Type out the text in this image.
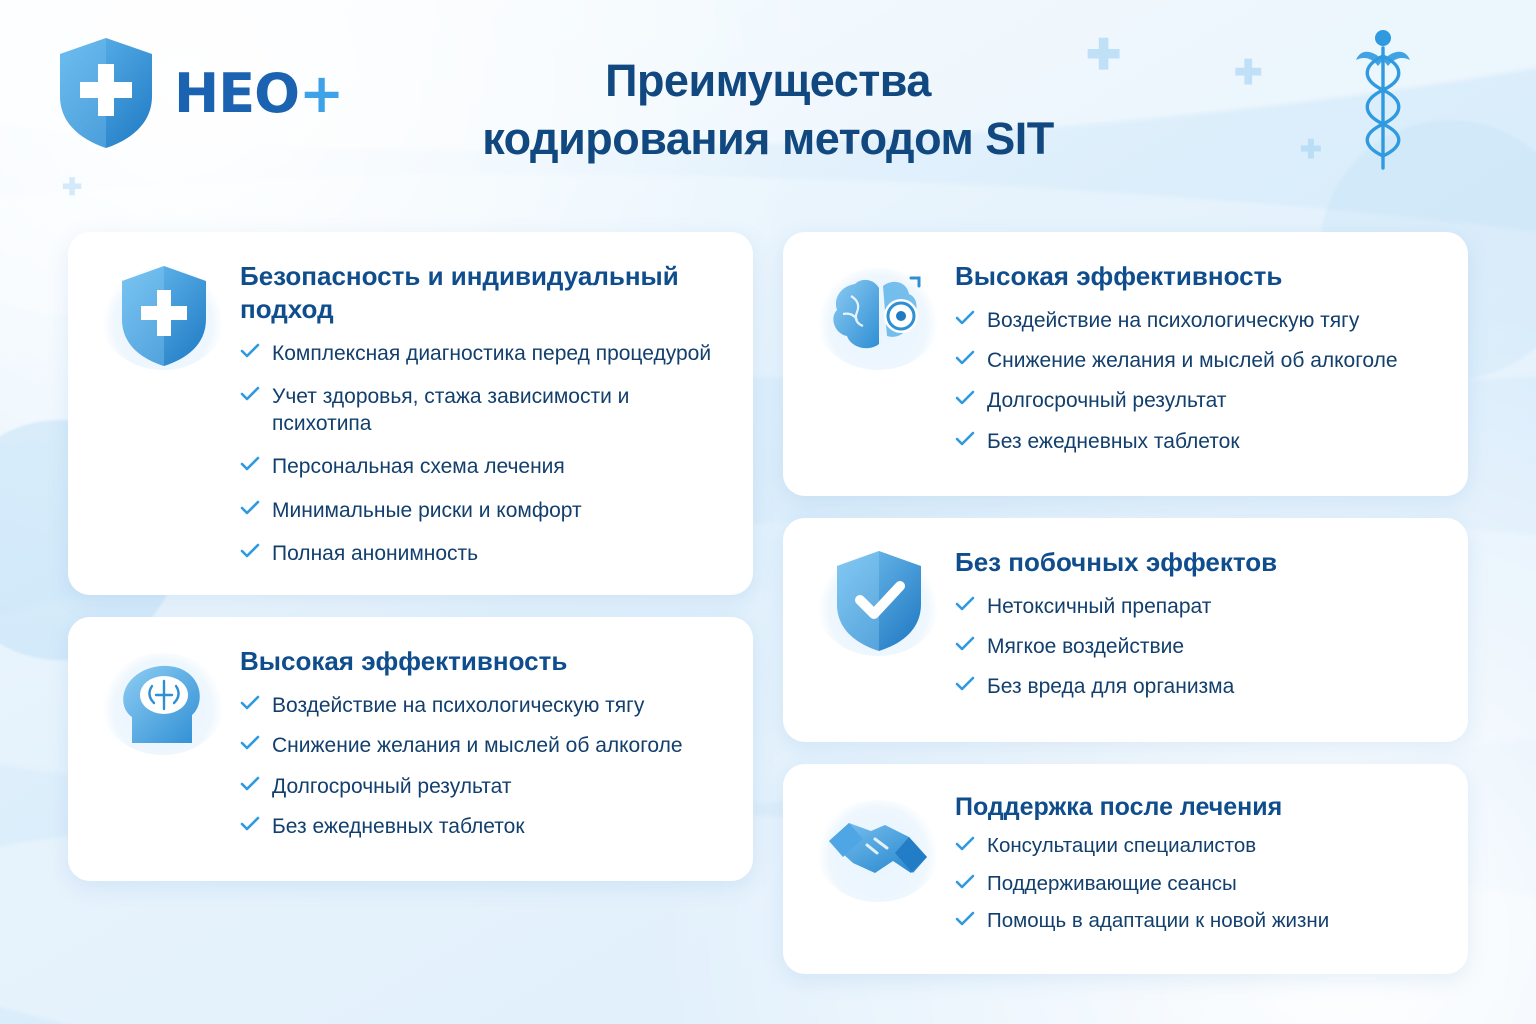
✚	✚
✚
✚
HEO+	Преимущества
кодирования методом SIT
Безопасность и индивидуальный подход
Комплексная диагностика перед процедурой
Учет здоровья, стажа зависимости и психотипа
Персональная схема лечения
Минимальные риски и комфорт
Полная анонимность
Высокая эффективность
Воздействие на психологическую тягу
Снижение желания и мыслей об алкоголе
Долгосрочный результат
Без ежедневных таблеток
Высокая эффективность
Воздействие на психологическую тягу
Снижение желания и мыслей об алкоголе
Долгосрочный результат
Без ежедневных таблеток
Без побочных эффектов
Нетоксичный препарат
Мягкое воздействие
Без вреда для организма
Поддержка после лечения
Консультации специалистов
Поддерживающие сеансы
Помощь в адаптации к новой жизни
